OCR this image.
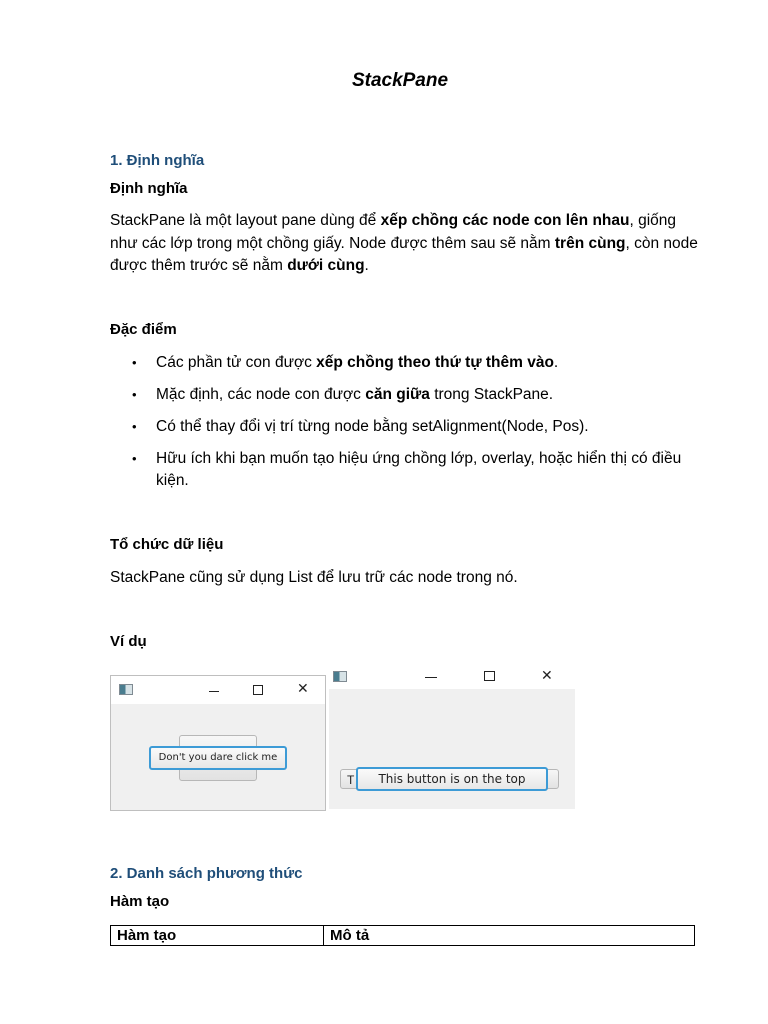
StackPane
1. Định nghĩa
Định nghĩa
StackPane là một layout pane dùng để xếp chồng các node con lên nhau, giống như các lớp trong một chồng giấy. Node được thêm sau sẽ nằm trên cùng, còn node được thêm trước sẽ nằm dưới cùng.
Đặc điểm
• Các phần tử con được xếp chồng theo thứ tự thêm vào.
• Mặc định, các node con được căn giữa trong StackPane.
• Có thể thay đổi vị trí từng node bằng setAlignment(Node, Pos).
• Hữu ích khi bạn muốn tạo hiệu ứng chồng lớp, overlay, hoặc hiển thị có điều kiện.
Tổ chức dữ liệu
StackPane cũng sử dụng List để lưu trữ các node trong nó.
Ví dụ
✕
Don't you dare click me
✕
T	This button is on the top
2. Danh sách phương thức
Hàm tạo
Hàm tạo	Mô tả
